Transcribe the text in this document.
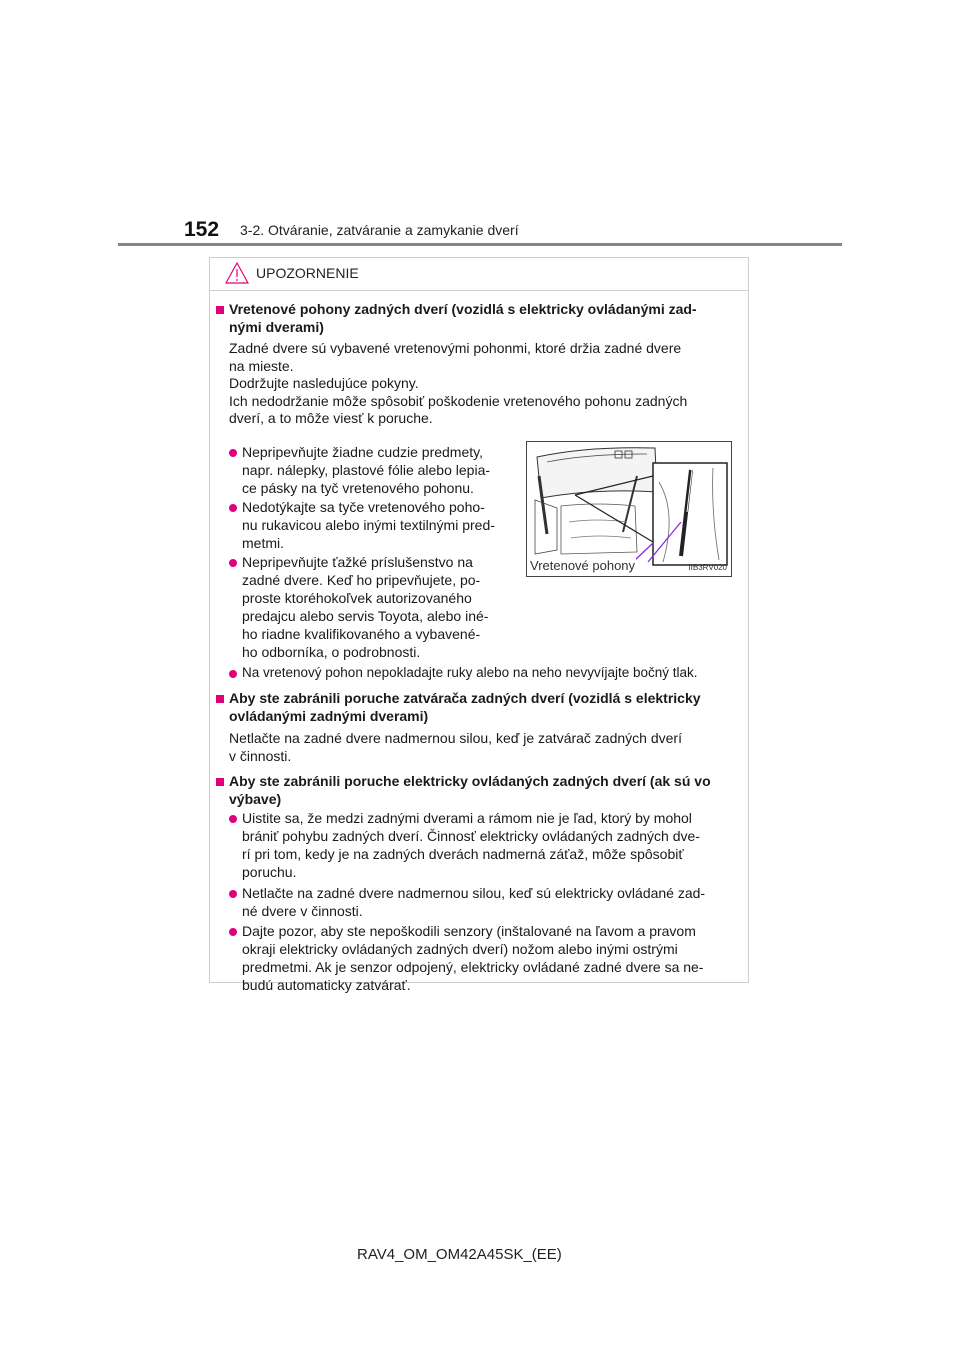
152 3-2. Otváranie, zatváranie a zamykanie dverí
UPOZORNENIE
Vretenové pohony zadných dverí (vozidlá s elektricky ovládanými zad-
nými dverami)
Zadné dvere sú vybavené vretenovými pohonmi, ktoré držia zadné dvere
na mieste.
Dodržujte nasledujúce pokyny.
Ich nedodržanie môže spôsobiť poškodenie vretenového pohonu zadných
dverí, a to môže viesť k poruche.
Nepripevňujte žiadne cudzie predmety,
napr. nálepky, plastové fólie alebo lepia-
ce pásky na tyč vretenového pohonu.
Nedotýkajte sa tyče vretenového poho-
nu rukavicou alebo inými textilnými pred-
metmi.
Nepripevňujte ťažké príslušenstvo na
zadné dvere. Keď ho pripevňujete, po-
proste ktoréhokoľvek autorizovaného
predajcu alebo servis Toyota, alebo iné-
ho riadne kvalifikovaného a vybavené-
ho odborníka, o podrobnosti.
Vretenové pohony	IIB3RV020
Na vretenový pohon nepokladajte ruky alebo na neho nevyvíjajte bočný tlak.
Aby ste zabránili poruche zatvárača zadných dverí (vozidlá s elektricky
ovládanými zadnými dverami)
Netlačte na zadné dvere nadmernou silou, keď je zatvárač zadných dverí
v činnosti.
Aby ste zabránili poruche elektricky ovládaných zadných dverí (ak sú vo
výbave)
Uistite sa, že medzi zadnými dverami a rámom nie je ľad, ktorý by mohol
brániť pohybu zadných dverí. Činnosť elektricky ovládaných zadných dve-
rí pri tom, kedy je na zadných dverách nadmerná záťaž, môže spôsobiť
poruchu.
Netlačte na zadné dvere nadmernou silou, keď sú elektricky ovládané zad-
né dvere v činnosti.
Dajte pozor, aby ste nepoškodili senzory (inštalované na ľavom a pravom
okraji elektricky ovládaných zadných dverí) nožom alebo inými ostrými
predmetmi. Ak je senzor odpojený, elektricky ovládané zadné dvere sa ne-
budú automaticky zatvárať.
RAV4_OM_OM42A45SK_(EE)
